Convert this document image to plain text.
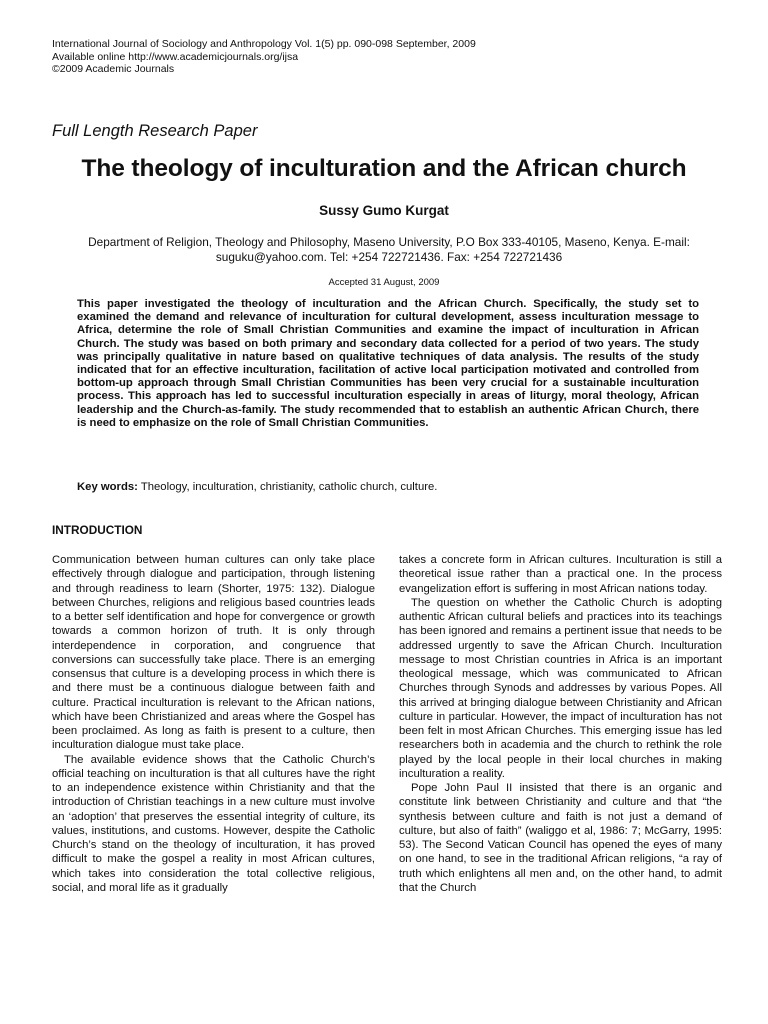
International Journal of Sociology and Anthropology Vol. 1(5) pp. 090-098 September, 2009
Available online http://www.academicjournals.org/ijsa
©2009 Academic Journals
Full Length Research Paper
The theology of inculturation and the African church
Sussy Gumo Kurgat
Department of Religion, Theology and Philosophy, Maseno University, P.O Box 333-40105, Maseno, Kenya. E-mail: suguku@yahoo.com. Tel: +254 722721436. Fax: +254 722721436
Accepted 31 August, 2009
This paper investigated the theology of inculturation and the African Church. Specifically, the study set to examined the demand and relevance of inculturation for cultural development, assess inculturation message to Africa, determine the role of Small Christian Communities and examine the impact of inculturation in African Church. The study was based on both primary and secondary data collected for a period of two years. The study was principally qualitative in nature based on qualitative techniques of data analysis. The results of the study indicated that for an effective inculturation, facilitation of active local participation motivated and controlled from bottom-up approach through Small Christian Communities has been very crucial for a sustainable inculturation process. This approach has led to successful inculturation especially in areas of liturgy, moral theology, African leadership and the Church-as-family. The study recommended that to establish an authentic African Church, there is need to emphasize on the role of Small Christian Communities.
Key words: Theology, inculturation, christianity, catholic church, culture.
INTRODUCTION

Communication between human cultures can only take place effectively through dialogue and participation, through listening and through readiness to learn (Shorter, 1975: 132). Dialogue between Churches, religions and religious based countries leads to a better self identification and hope for convergence or growth towards a common horizon of truth. It is only through interdependence in corporation, and congruence that conversions can successfully take place. There is an emerging consensus that culture is a developing process in which there is and there must be a continuous dialogue between faith and culture. Practical inculturation is relevant to the African nations, which have been Christianized and areas where the Gospel has been proclaimed. As long as faith is present to a culture, then inculturation dialogue must take place.

The available evidence shows that the Catholic Church’s official teaching on inculturation is that all cultures have the right to an independence existence within Christianity and that the introduction of Christian teachings in a new culture must involve an ‘adoption’ that preserves the essential integrity of culture, its values, institutions, and customs. However, despite the Catholic Church’s stand on the theology of inculturation, it has proved difficult to make the gospel a reality in most African cultures, which takes into consideration the total collective religious, social, and moral life as it gradually

takes a concrete form in African cultures. Inculturation is still a theoretical issue rather than a practical one. In the process evangelization effort is suffering in most African nations today.

The question on whether the Catholic Church is adopting authentic African cultural beliefs and practices into its teachings has been ignored and remains a pertinent issue that needs to be addressed urgently to save the African Church. Inculturation message to most Christian countries in Africa is an important theological message, which was communicated to African Churches through Synods and addresses by various Popes. All this arrived at bringing dialogue between Christianity and African culture in particular. However, the impact of inculturation has not been felt in most African Churches. This emerging issue has led researchers both in academia and the church to rethink the role played by the local people in their local churches in making inculturation a reality.

Pope John Paul II insisted that there is an organic and constitute link between Christianity and culture and that “the synthesis between culture and faith is not just a demand of culture, but also of faith” (waliggo et al, 1986: 7; McGarry, 1995: 53). The Second Vatican Council has opened the eyes of many on one hand, to see in the traditional African religions, “a ray of truth which enlightens all men and, on the other hand, to admit that the Church
